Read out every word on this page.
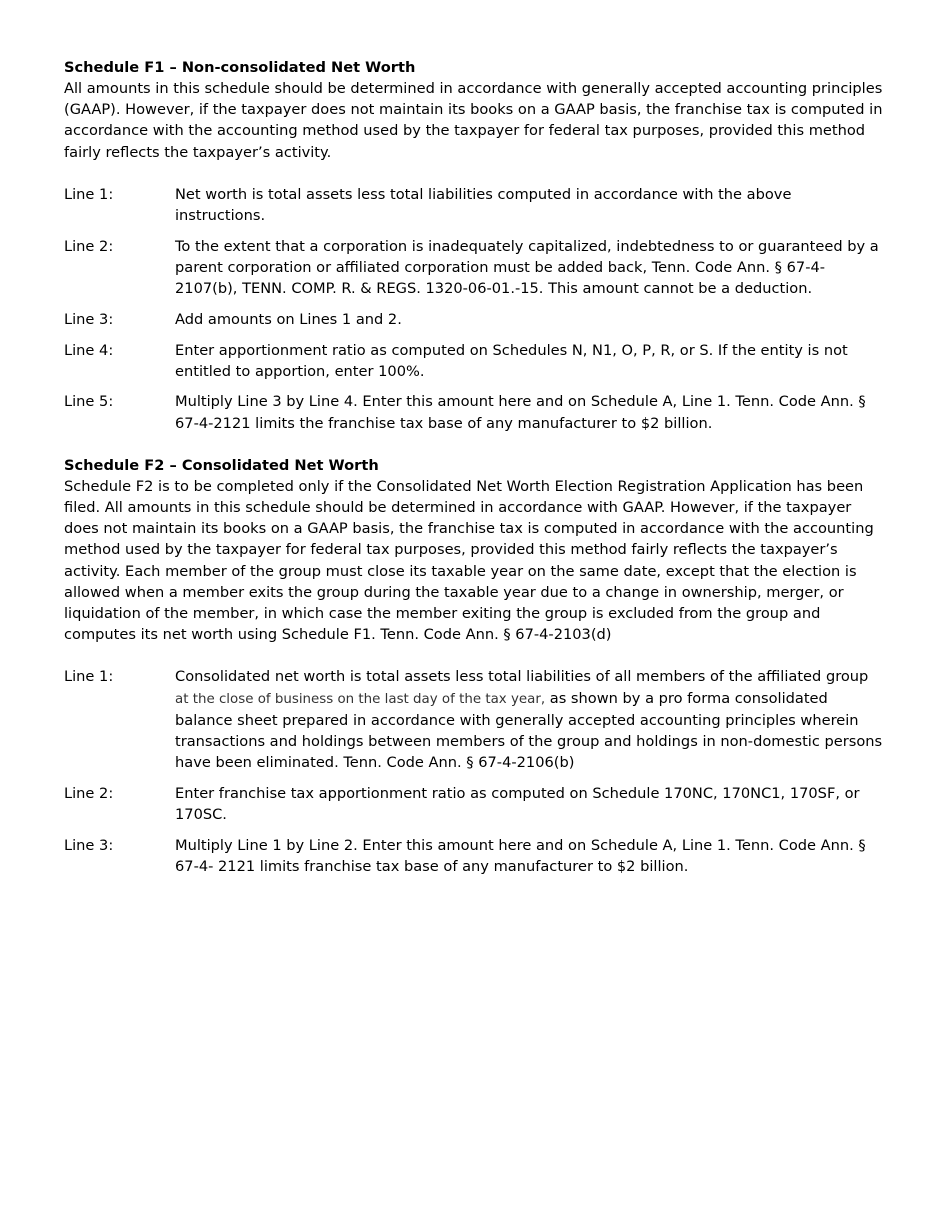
Schedule F1 – Non-consolidated Net Worth

All amounts in this schedule should be determined in accordance with generally accepted accounting principles (GAAP). However, if the taxpayer does not maintain its books on a GAAP basis, the franchise tax is computed in accordance with the accounting method used by the taxpayer for federal tax purposes, provided this method fairly reflects the taxpayer’s activity.

Line 1:	Net worth is total assets less total liabilities computed in accordance with the above instructions.
Line 2:	To the extent that a corporation is inadequately capitalized, indebtedness to or guaranteed by a parent corporation or affiliated corporation must be added back, Tenn. Code Ann. § 67-4-2107(b), TENN. COMP. R. & REGS. 1320-06-01.-15. This amount cannot be a deduction.
Line 3:	Add amounts on Lines 1 and 2.
Line 4:	Enter apportionment ratio as computed on Schedules N, N1, O, P, R, or S. If the entity is not entitled to apportion, enter 100%.
Line 5:	Multiply Line 3 by Line 4. Enter this amount here and on Schedule A, Line 1. Tenn. Code Ann. § 67-4-2121 limits the franchise tax base of any manufacturer to $2 billion.
Schedule F2 – Consolidated Net Worth

Schedule F2 is to be completed only if the Consolidated Net Worth Election Registration Application has been filed. All amounts in this schedule should be determined in accordance with GAAP. However, if the taxpayer does not maintain its books on a GAAP basis, the franchise tax is computed in accordance with the accounting method used by the taxpayer for federal tax purposes, provided this method fairly reflects the taxpayer’s activity. Each member of the group must close its taxable year on the same date, except that the election is allowed when a member exits the group during the taxable year due to a change in ownership, merger, or liquidation of the member, in which case the member exiting the group is excluded from the group and computes its net worth using Schedule F1. Tenn. Code Ann. § 67-4-2103(d)

Line 1:	Consolidated net worth is total assets less total liabilities of all members of the affiliated group at the close of business on the last day of the tax year, as shown by a pro forma consolidated balance sheet prepared in accordance with generally accepted accounting principles wherein transactions and holdings between members of the group and holdings in non-domestic persons have been eliminated. Tenn. Code Ann. § 67-4-2106(b)
Line 2:	Enter franchise tax apportionment ratio as computed on Schedule 170NC, 170NC1, 170SF, or 170SC.
Line 3:	Multiply Line 1 by Line 2. Enter this amount here and on Schedule A, Line 1. Tenn. Code Ann. § 67-4- 2121 limits franchise tax base of any manufacturer to $2 billion.
